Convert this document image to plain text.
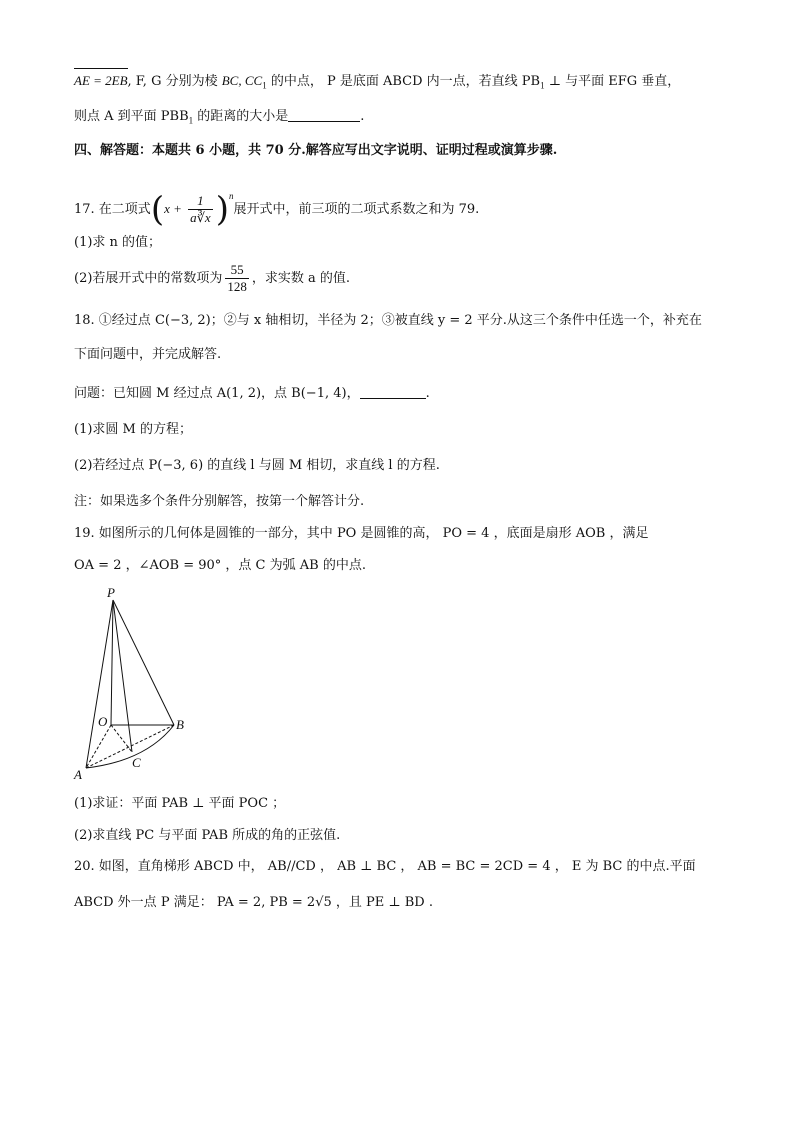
AE = 2EB, F, G 分别为棱 BC, $CC_1$ 的中点， P 是底面 ABCD 内一点，若直线 $PB_1$ ⊥ 与平面 EFG 垂直，
则点 A 到平面 $PBB_1$ 的距离的大小是	.
四、解答题：本题共 6 小题，共 70 分.解答应写出文字说明、证明过程或演算步骤.
17. 在二项式$(x + \frac{1}{a∛x} )^n$展开式中，前三项的二项式系数之和为 79.
(1)求 n 的值；
(2)若展开式中的常数项为 $\frac{55}{128}$ ，求实数 a 的值.
18. ①经过点 C(−3, 2)；②与 x 轴相切，半径为 2；③被直线 y = 2 平分.从这三个条件中任选一个，补充在
下面问题中，并完成解答.
问题：已知圆 M 经过点 A(1, 2)，点 B(−1, 4)，	.
(1)求圆 M 的方程；
(2)若经过点 P(−3, 6) 的直线 l 与圆 M 相切，求直线 l 的方程.
注：如果选多个条件分别解答，按第一个解答计分.
19. 如图所示的几何体是圆锥的一部分，其中 PO 是圆锥的高， PO = 4 ，底面是扇形 AOB ，满足
OA = 2 ，∠AOB = 90° ，点 C 为弧 AB 的中点.
P
O	B
A
C
(1)求证：平面 PAB ⊥ 平面 POC ；
(2)求直线 PC 与平面 PAB 所成的角的正弦值.
20. 如图，直角梯形 ABCD 中， AB//CD ， AB ⊥ BC ， AB = BC = 2CD = 4 ， E 为 BC 的中点.平面
ABCD 外一点 P 满足： PA = 2, PB = 2√5 ，且 PE ⊥ BD .
